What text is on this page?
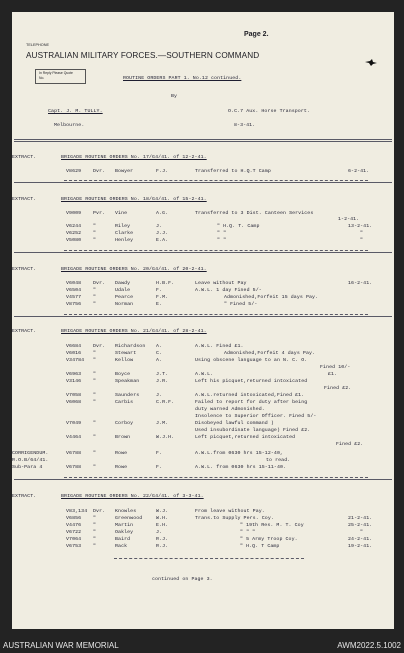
Page 2.
TELEPHONE
AUSTRALIAN MILITARY FORCES.—SOUTHERN COMMAND
In Reply Please Quote
No.	ROUTINE ORDERS PART 1. No.12 continued.
By
Capt. J. M. TULLY.	O.C.7 Aux. Horse Transport.
Melbourne.	8-3-41.
EXTRACT.	BRIGADE ROUTINE ORDERS No. 17/G4/41. of 12-2-41.
V8629 Dvr. Bowyer	F.J.	Transferred to H.Q.T Camp	6-2-41.
EXTRACT.	BRIGADE ROUTINE ORDERS No. 18/G4/41. of 15-2-41.
V9009 Pvr. Vine	A.G.	Transferred to 3 Dist. Canteen Services
1-2-41.
V6244 "	Riley	J.	" H.Q. T. Camp	13-2-41.
V6252 "	Clarke	J.J.	" "	"
V5080 "	Henley	E.A.	" "	"
EXTRACT.	BRIGADE ROUTINE ORDERS No. 20/G4/41. of 20-2-41.
V6048 Dvr. Dawdy	H.B.F.	Leave without Pay	16-2-41.
V6504 "	Udale	F.	A.W.L. 1 day Fined 5/-
V4577 "	Pearce	F.M.	Admonished,Forfeit 15 days Pay.
V8756 "	Norman	E.	" Fined 5/-
EXTRACT.	BRIGADE ROUTINE ORDERS No. 21/G4/41. of 28-2-41.
V6684 Dvr. Richardson A.	A.W.L. Fined £1.
V6016 "	Stewart	C.	Admonished,Forfeit 4 days Pay.
V34784 "	Kellow	A.	Using obscene language to an N. C. O.
Fined 10/-
V6963 "	Boyce	J.T.	A.W.L.	£1.
V3146 "	Speakman	J.R.	Left his picquet,returned intoxicated
Fined £2.
V7058 "	Saunders	J.	A.W.L.returned intoxicated,Fined £1.
V6068 "	Carbis	C.R.F.	Failed to report for duty after being
duty warned Admonished.
Insolence to Superior Officer. Fined 5/-
V7049 "	Corboy	J.M.	Disobeyed lawful command )
Used insubordinate language) Fined £2.
V4464 "	Brown	W.J.H.	Left picquet,returned intoxicated
Fined £2.
CORRIGENDUM.	V6788 "	Rowe	F.	A.W.L.from 0630 hrs 15-12-40,
R.O.B/64/41.	to read.
Sub-Para 4	V6788 "	Rowe	F.	A.W.L. from 0630 hrs 15-11-40.
EXTRACT.	BRIGADE ROUTINE ORDERS No. 22/G4/41. of 3-3-41.
V83,134 Dvr. Knowles	W.J.	From leave without Pay.
V6856 "	Greenwood	W.H.	Trans.to Supply Pers. Coy.	21-2-41.
V4476 "	Martin	E.H.	" 19th Res. M. T. Coy	25-2-41.
V6722 "	Oakley	J.	" " "	"
V7064 "	Baird	R.J.	" 5 Army Troop Coy.	24-2-41.
V6753 "	Rack	R.J.	" H.Q. T Camp	19-2-41.
continued on Page 3.
AUSTRALIAN WAR MEMORIAL	AWM2022.5.1002
